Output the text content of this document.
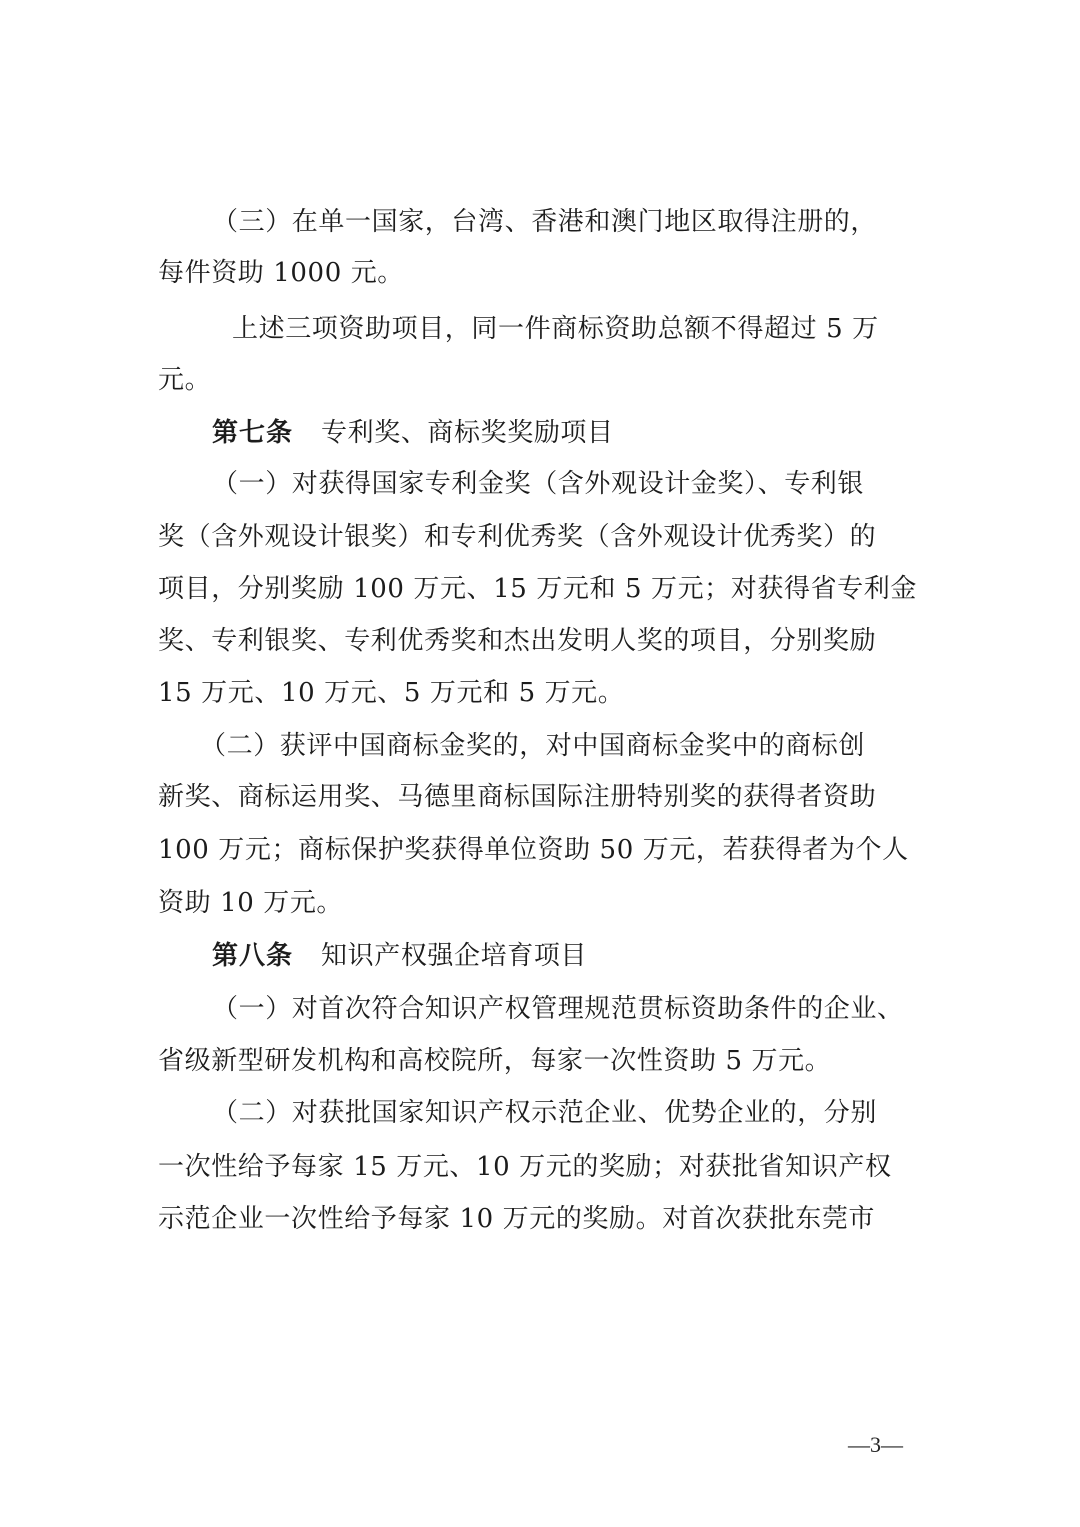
（三）在单一国家，台湾、香港和澳门地区取得注册的，
每件资助 1000 元。
上述三项资助项目，同一件商标资助总额不得超过 5 万
元。
第七条 专利奖、商标奖奖励项目
（一）对获得国家专利金奖（含外观设计金奖）、专利银
奖（含外观设计银奖）和专利优秀奖（含外观设计优秀奖）的
项目，分别奖励 100 万元、15 万元和 5 万元；对获得省专利金
奖、专利银奖、专利优秀奖和杰出发明人奖的项目，分别奖励
15 万元、10 万元、5 万元和 5 万元。
（二）获评中国商标金奖的，对中国商标金奖中的商标创
新奖、商标运用奖、马德里商标国际注册特别奖的获得者资助
100 万元；商标保护奖获得单位资助 50 万元，若获得者为个人
资助 10 万元。
第八条 知识产权强企培育项目
（一）对首次符合知识产权管理规范贯标资助条件的企业、
省级新型研发机构和高校院所，每家一次性资助 5 万元。
（二）对获批国家知识产权示范企业、优势企业的，分别
一次性给予每家 15 万元、10 万元的奖励；对获批省知识产权
示范企业一次性给予每家 10 万元的奖励。对首次获批东莞市
—3—
